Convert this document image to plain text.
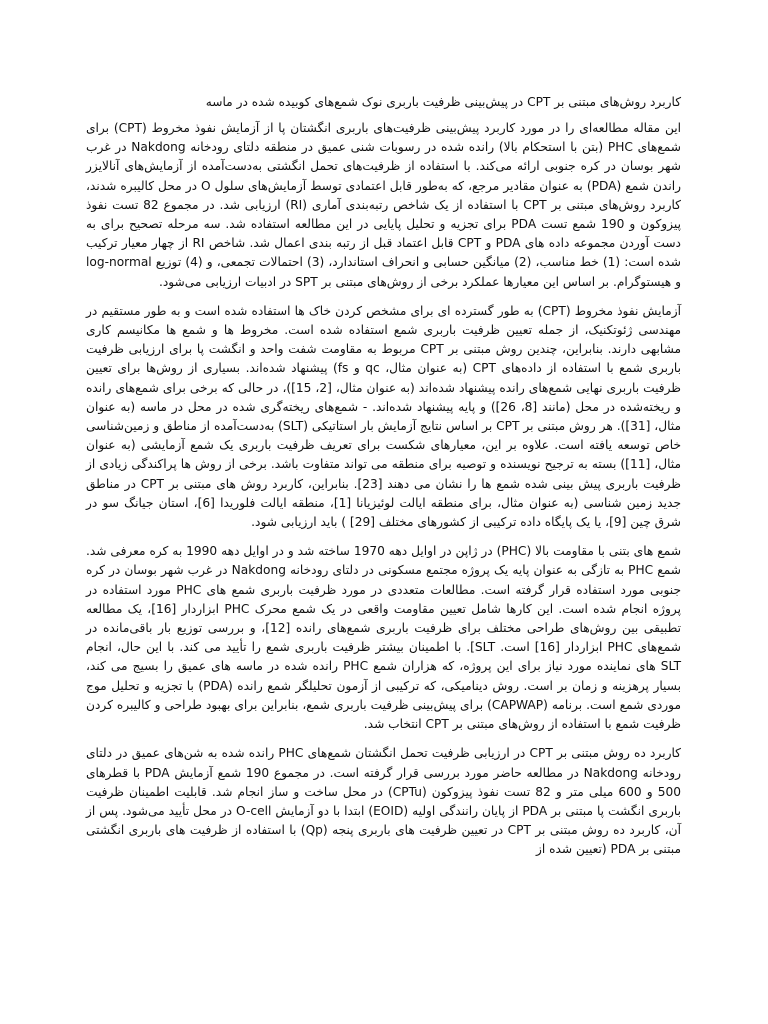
کاربرد روش‌های مبتنی بر CPT در پیش‌بینی ظرفیت باربری نوک شمع‌های کوبیده شده در ماسه

این مقاله مطالعه‌ای را در مورد کاربرد پیش‌بینی ظرفیت‌های باربری انگشتان پا از آزمایش نفوذ مخروط (CPT) برای شمع‌های PHC (بتن با استحکام بالا) رانده شده در رسوبات شنی عمیق در منطقه دلتای رودخانه Nakdong در غرب شهر بوسان در کره جنوبی ارائه می‌کند. با استفاده از ظرفیت‌های تحمل انگشتی به‌دست‌آمده از آزمایش‌های آنالایزر راندن شمع (PDA) به عنوان مقادیر مرجع، که به‌طور قابل اعتمادی توسط آزمایش‌های سلول O در محل کالیبره شدند، کاربرد روش‌های مبتنی بر CPT با استفاده از یک شاخص رتبه‌بندی آماری (RI) ارزیابی شد. در مجموع 82 تست نفوذ پیزوکون و 190 شمع تست PDA برای تجزیه و تحلیل پایایی در این مطالعه استفاده شد. سه مرحله تصحیح برای به دست آوردن مجموعه داده های PDA و CPT قابل اعتماد قبل از رتبه بندی اعمال شد. شاخص RI از چهار معیار ترکیب شده است: (1) خط مناسب، (2) میانگین حسابی و انحراف استاندارد، (3) احتمالات تجمعی، و (4) توزیع log-normal و هیستوگرام. بر اساس این معیارها عملکرد برخی از روش‌های مبتنی بر SPT در ادبیات ارزیابی می‌شود.

آزمایش نفوذ مخروط (CPT) به طور گسترده ای برای مشخص کردن خاک ها استفاده شده است و به طور مستقیم در مهندسی ژئوتکنیک، از جمله تعیین ظرفیت باربری شمع استفاده شده است. مخروط ها و شمع ها مکانیسم کاری مشابهی دارند. بنابراین، چندین روش مبتنی بر CPT مربوط به مقاومت شفت واحد و انگشت پا برای ارزیابی ظرفیت باربری شمع با استفاده از داده‌های CPT (به عنوان مثال، qc و fs) پیشنهاد شده‌اند. بسیاری از روش‌ها برای تعیین ظرفیت باربری نهایی شمع‌های رانده پیشنهاد شده‌اند (به عنوان مثال، [2، 15])، در حالی که برخی برای شمع‌های رانده و ریخته‌شده در محل (مانند [8، 26]) و پایه پیشنهاد شده‌اند. - شمع‌های ریخته‌گری شده در محل در ماسه (به عنوان مثال، [31]). هر روش مبتنی بر CPT بر اساس نتایج آزمایش بار استاتیکی (SLT) به‌دست‌آمده از مناطق و زمین‌شناسی خاص توسعه یافته است. علاوه بر این، معیارهای شکست برای تعریف ظرفیت باربری یک شمع آزمایشی (به عنوان مثال، [11]) بسته به ترجیح نویسنده و توصیه برای منطقه می تواند متفاوت باشد. برخی از روش ها پراکندگی زیادی از ظرفیت باربری پیش بینی شده شمع ها را نشان می دهند [23]. بنابراین، کاربرد روش های مبتنی بر CPT در مناطق جدید زمین شناسی (به عنوان مثال، برای منطقه ایالت لوئیزیانا [1]، منطقه ایالت فلوریدا [6]، استان جیانگ سو در شرق چین [9]، یا یک پایگاه داده ترکیبی از کشورهای مختلف [29] ) باید ارزیابی شود.

شمع های بتنی با مقاومت بالا (PHC) در ژاپن در اوایل دهه 1970 ساخته شد و در اوایل دهه 1990 به کره معرفی شد. شمع PHC به تازگی به عنوان پایه یک پروژه مجتمع مسکونی در دلتای رودخانه Nakdong در غرب شهر بوسان در کره جنوبی مورد استفاده قرار گرفته است. مطالعات متعددی در مورد ظرفیت باربری شمع های PHC مورد استفاده در پروژه انجام شده است. این کارها شامل تعیین مقاومت واقعی در یک شمع محرک PHC ابزاردار [16]، یک مطالعه تطبیقی بین روش‌های طراحی مختلف برای ظرفیت باربری شمع‌های رانده [12]، و بررسی توزیع بار باقی‌مانده در شمع‌های PHC ابزاردار [16] است. SLT]. با اطمینان بیشتر ظرفیت باربری شمع را تأیید می کند. با این حال، انجام SLT های نماینده مورد نیاز برای این پروژه، که هزاران شمع PHC رانده شده در ماسه های عمیق را بسیج می کند، بسیار پرهزینه و زمان بر است. روش دینامیکی، که ترکیبی از آزمون تحلیلگر شمع رانده (PDA) با تجزیه و تحلیل موج موردی شمع است. برنامه (CAPWAP) برای پیش‌بینی ظرفیت باربری شمع، بنابراین برای بهبود طراحی و کالیبره کردن ظرفیت شمع با استفاده از روش‌های مبتنی بر CPT انتخاب شد.

کاربرد ده روش مبتنی بر CPT در ارزیابی ظرفیت تحمل انگشتان شمع‌های PHC رانده شده به شن‌های عمیق در دلتای رودخانه Nakdong در مطالعه حاضر مورد بررسی قرار گرفته است. در مجموع 190 شمع آزمایش PDA با قطرهای 500 و 600 میلی متر و 82 تست نفوذ پیزوکون (CPTu) در محل ساخت و ساز انجام شد. قابلیت اطمینان ظرفیت باربری انگشت پا مبتنی بر PDA از پایان رانندگی اولیه (EOID) ابتدا با دو آزمایش O-cell در محل تأیید می‌شود. پس از آن، کاربرد ده روش مبتنی بر CPT در تعیین ظرفیت های باربری پنجه (Qp) با استفاده از ظرفیت های باربری انگشتی مبتنی بر PDA (تعیین شده از
